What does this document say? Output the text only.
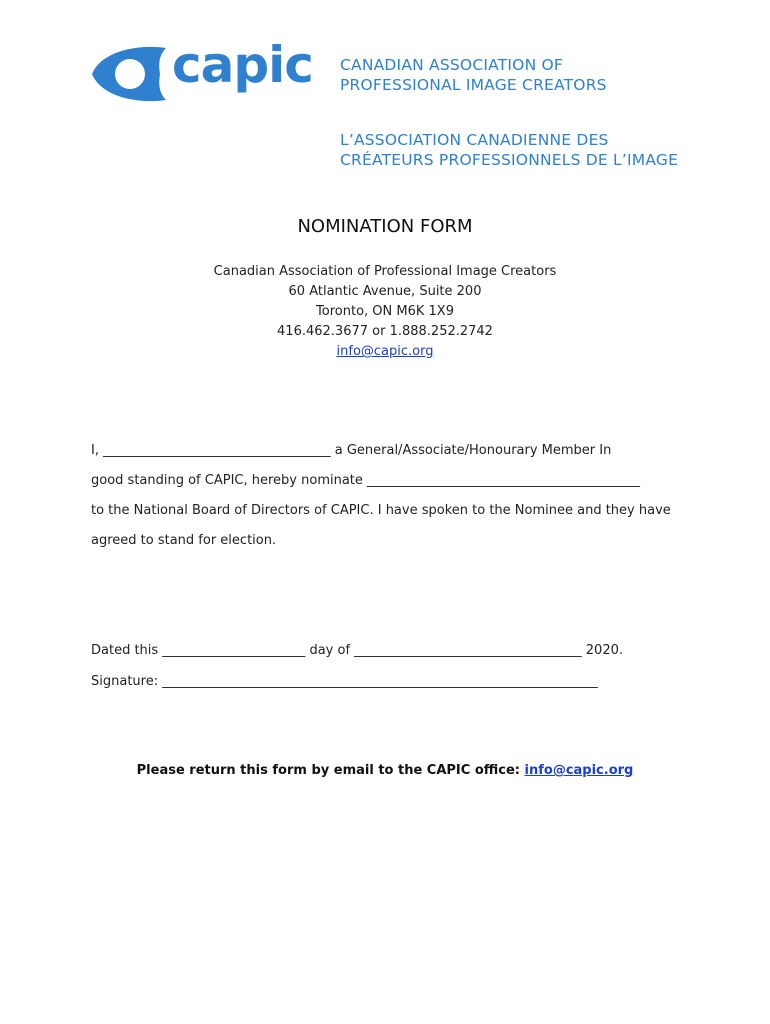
capic CANADIAN ASSOCIATION OF
PROFESSIONAL IMAGE CREATORS
L’ASSOCIATION CANADIENNE DES
CRÉATEURS PROFESSIONNELS DE L’IMAGE
NOMINATION FORM
Canadian Association of Professional Image Creators
60 Atlantic Avenue, Suite 200
Toronto, ON M6K 1X9
416.462.3677 or 1.888.252.2742
info@capic.org
I, ___________________________________ a General/Associate/Honourary Member In
good standing of CAPIC, hereby nominate __________________________________________
to the National Board of Directors of CAPIC. I have spoken to the Nominee and they have
agreed to stand for election.
Dated this ______________________ day of ___________________________________ 2020.
Signature: ___________________________________________________________________
Please return this form by email to the CAPIC office: info@capic.org
